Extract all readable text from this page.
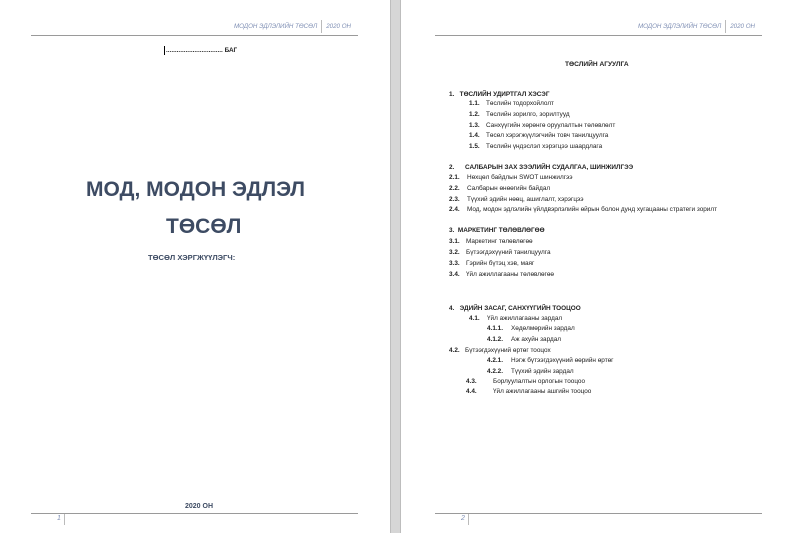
МОДОН ЭДЛЭЛИЙН ТӨСӨЛ 2020 ОН
................................ БАГ
МОД, МОДОН ЭДЛЭЛ
ТӨСӨЛ
ТӨСӨЛ ХЭРГЖҮҮЛЭГЧ:
2020 ОН
1
МОДОН ЭДЛЭЛИЙН ТӨСӨЛ 2020 ОН
ТӨСЛИЙН АГУУЛГА
1. ТӨСЛИЙН УДИРТГАЛ ХЭСЭГ
1.1. Төслийн тодорхойлолт
1.2. Төслийн зорилго, зорилтууд
1.3. Санхүүгийн хөрөнгө оруулалтын төлөвлөлт
1.4. Төсөл хэрэгжүүлэгчийн товч танилцуулга
1.5. Төслийн үндэслэл хэрэгцээ шаардлага
2. САЛБАРЫН ЗАХ ЗЭЭЛИЙН СУДАЛГАА, ШИНЖИЛГЭЭ
2.1. Нөхцөл байдлын SWOT шинжилгээ
2.2. Салбарын өнөөгийн байдал
2.3. Түүхий эдийн нөөц, ашиглалт, хэрэгцээ
2.4. Мод, модон эдлэлийн үйлдвэрлэлийн өйрын болон дунд хугацааны стратеги зорилт
3. МАРКЕТИНГ ТӨЛӨВЛӨГӨӨ
3.1. Маркетинг төлөвлөгөө
3.2. Бүтээгдэхүүний танилцуулга
3.3. Гэрийн бүтэц хэв, маяг
3.4. Үйл ажиллагааны төлөвлөгөө
4. ЭДИЙН ЗАСАГ, САНХҮҮГИЙН ТООЦОО
4.1. Үйл ажиллагааны зардал
4.1.1. Хөдөлмөрийн зардал
4.1.2. Аж ахуйн зардал
4.2. Бүтээгдэхүүний өртөг тооцох
4.2.1. Нэгж бүтээгдэхүүний өөрийн өртөг
4.2.2. Түүхий эдийн зардал
4.3.	Борлуулалтын орлогын тооцоо
4.4.	Үйл ажиллагааны ашгийн тооцоо
2
